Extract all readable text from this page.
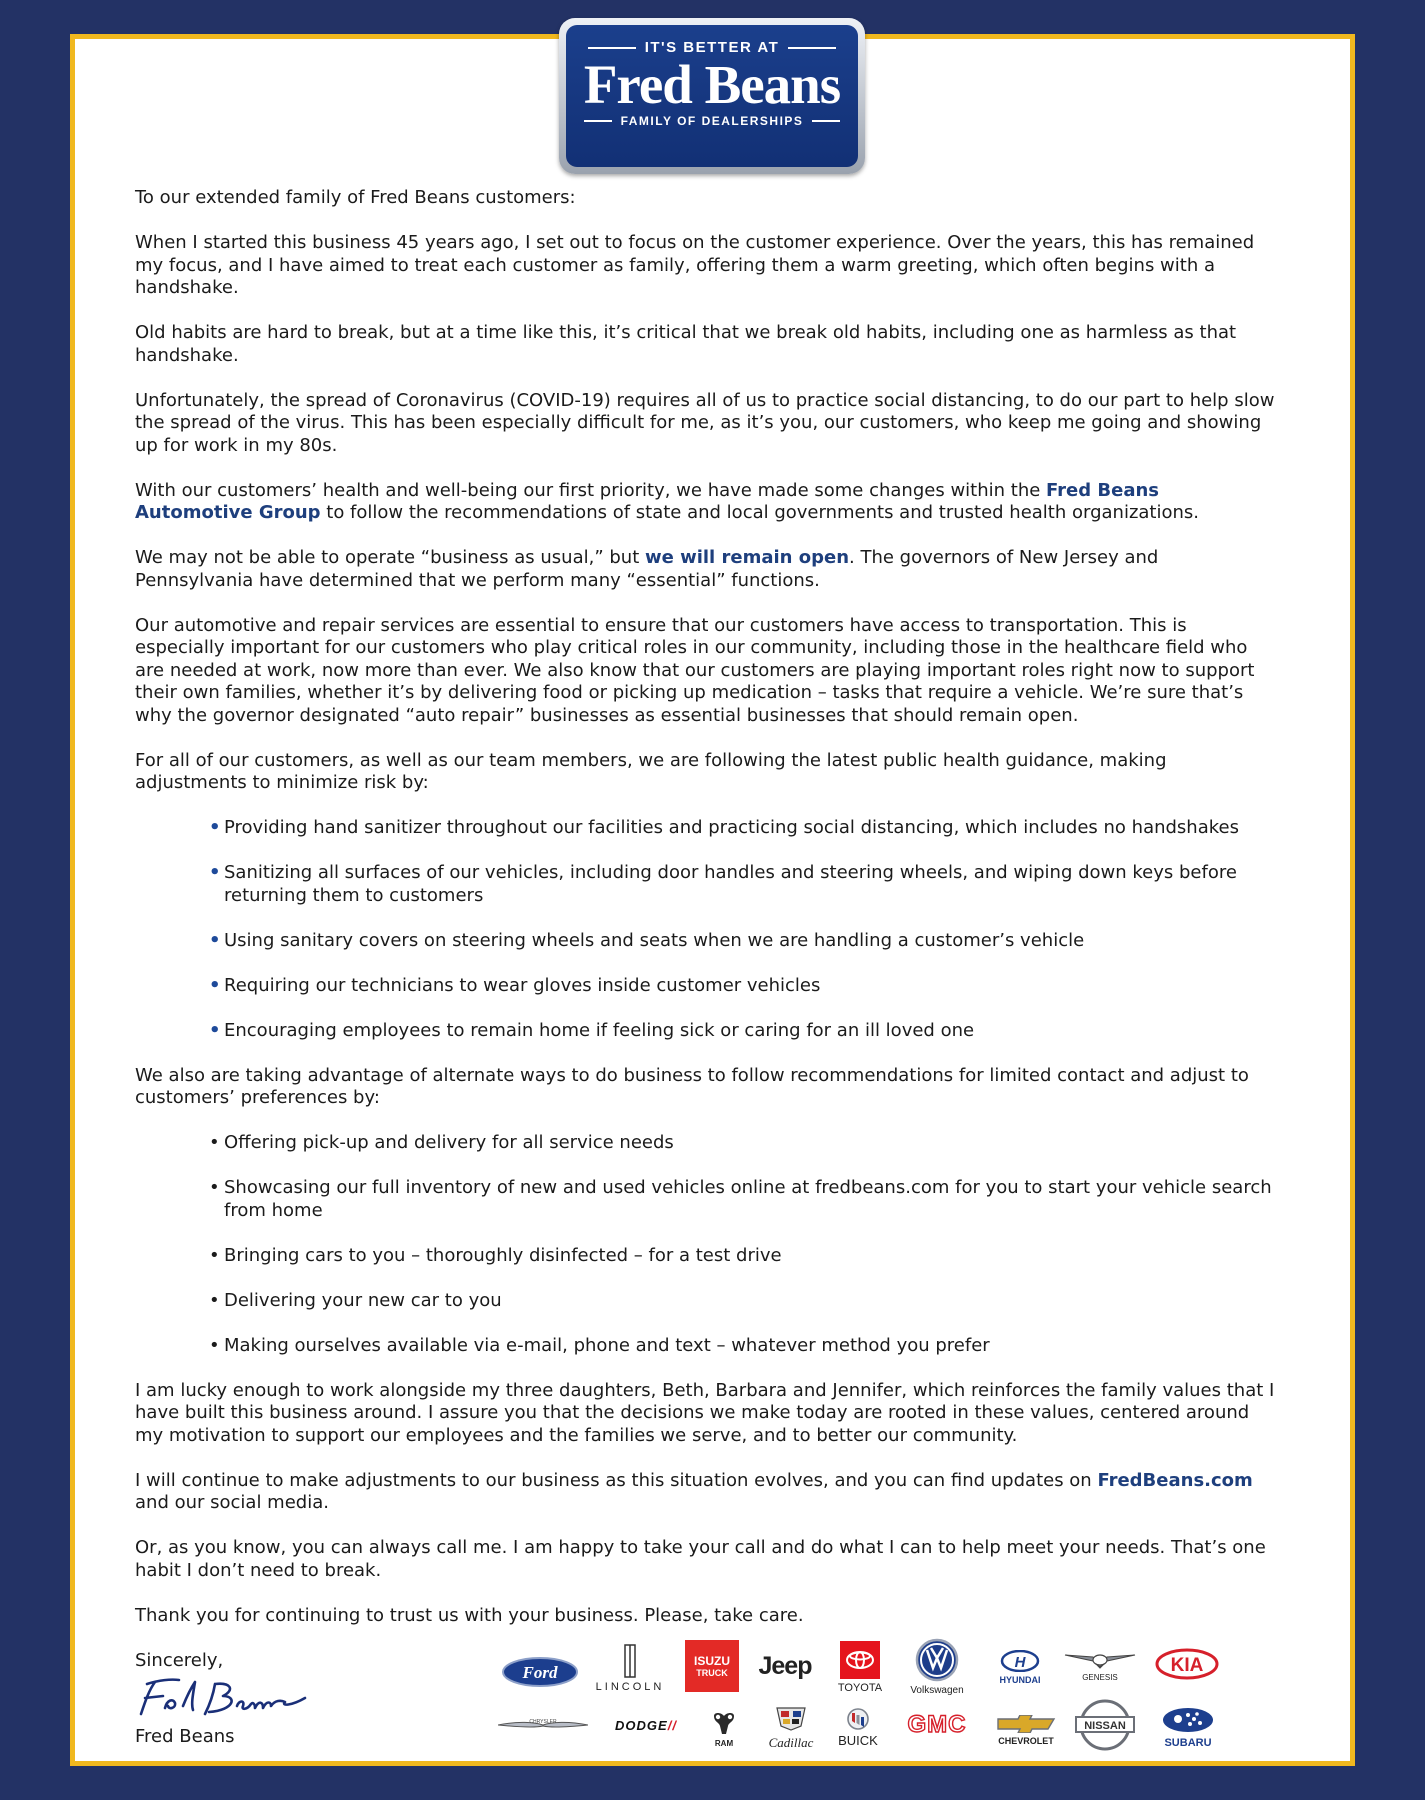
IT'S BETTER AT
Fred Beans
FAMILY OF DEALERSHIPS

To our extended family of Fred Beans customers:

When I started this business 45 years ago, I set out to focus on the customer experience. Over the years, this has remained my focus, and I have aimed to treat each customer as family, offering them a warm greeting, which often begins with a handshake.

Old habits are hard to break, but at a time like this, it’s critical that we break old habits, including one as harmless as that handshake.

Unfortunately, the spread of Coronavirus (COVID-19) requires all of us to practice social distancing, to do our part to help slow the spread of the virus. This has been especially difficult for me, as it’s you, our customers, who keep me going and showing up for work in my 80s.

With our customers’ health and well-being our first priority, we have made some changes within the Fred Beans Automotive Group to follow the recommendations of state and local governments and trusted health organizations.

We may not be able to operate “business as usual,” but we will remain open. The governors of New Jersey and Pennsylvania have determined that we perform many “essential” functions.

Our automotive and repair services are essential to ensure that our customers have access to transportation. This is especially important for our customers who play critical roles in our community, including those in the healthcare field who are needed at work, now more than ever. We also know that our customers are playing important roles right now to support their own families, whether it’s by delivering food or picking up medication – tasks that require a vehicle. We’re sure that’s why the governor designated “auto repair” businesses as essential businesses that should remain open.

For all of our customers, as well as our team members, we are following the latest public health guidance, making adjustments to minimize risk by:

• Providing hand sanitizer throughout our facilities and practicing social distancing, which includes no handshakes
• Sanitizing all surfaces of our vehicles, including door handles and steering wheels, and wiping down keys before returning them to customers
• Using sanitary covers on steering wheels and seats when we are handling a customer’s vehicle
• Requiring our technicians to wear gloves inside customer vehicles
• Encouraging employees to remain home if feeling sick or caring for an ill loved one

We also are taking advantage of alternate ways to do business to follow recommendations for limited contact and adjust to customers’ preferences by:

• Offering pick-up and delivery for all service needs
• Showcasing our full inventory of new and used vehicles online at fredbeans.com for you to start your vehicle search from home
• Bringing cars to you – thoroughly disinfected – for a test drive
• Delivering your new car to you
• Making ourselves available via e-mail, phone and text – whatever method you prefer

I am lucky enough to work alongside my three daughters, Beth, Barbara and Jennifer, which reinforces the family values that I have built this business around. I assure you that the decisions we make today are rooted in these values, centered around my motivation to support our employees and the families we serve, and to better our community.

I will continue to make adjustments to our business as this situation evolves, and you can find updates on FredBeans.com and our social media.

Or, as you know, you can always call me. I am happy to take your call and do what I can to help meet your needs. That’s one habit I don’t need to break.

Thank you for continuing to trust us with your business. Please, take care.

Sincerely,
Fred Beans
Ford
LINCOLN
ISUZU
TRUCK Jeep
TOYOTA	Volkswagen
H
HYUNDAI	GENESIS
KIA
CHRYSLER	DODGE//
RAM	Cadillac BUICK
GMC
CHEVROLET
NISSAN
SUBARU
